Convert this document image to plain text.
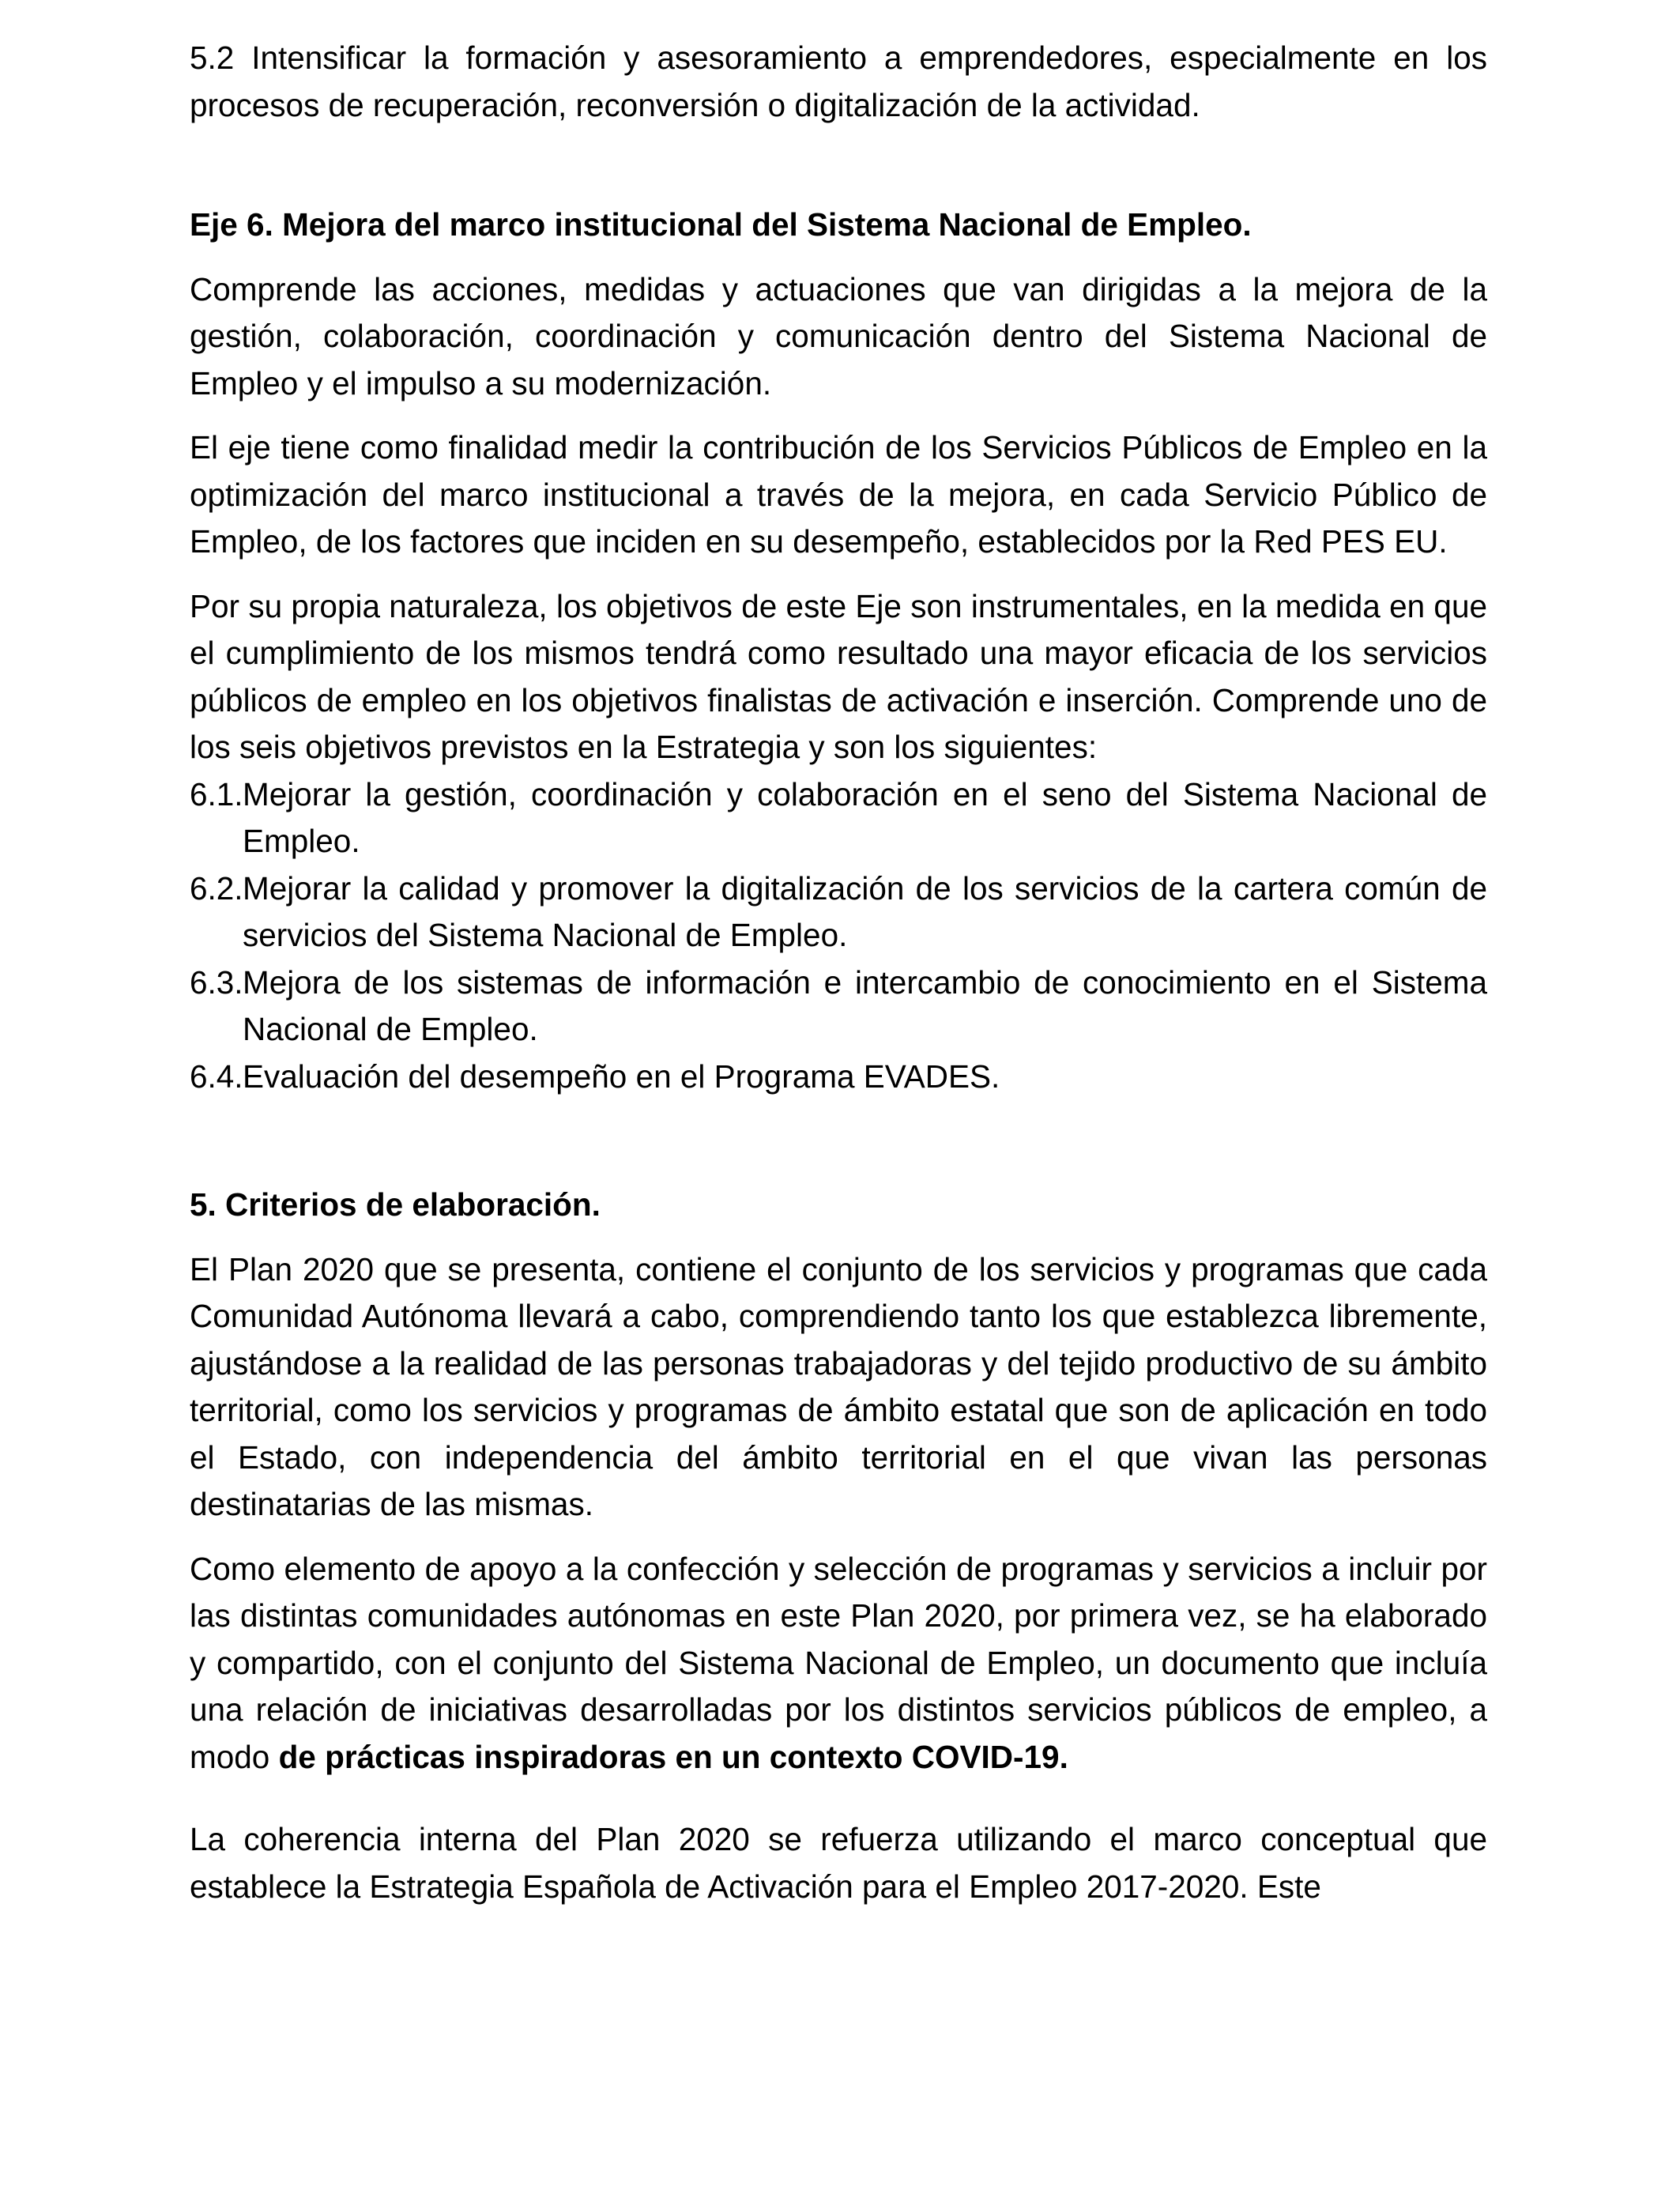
5.2 Intensificar la formación y asesoramiento a emprendedores, especialmente en los procesos de recuperación, reconversión o digitalización de la actividad.

Eje 6. Mejora del marco institucional del Sistema Nacional de Empleo.

Comprende las acciones, medidas y actuaciones que van dirigidas a la mejora de la gestión, colaboración, coordinación y comunicación dentro del Sistema Nacional de Empleo y el impulso a su modernización.

El eje tiene como finalidad medir la contribución de los Servicios Públicos de Empleo en la optimización del marco institucional a través de la mejora, en cada Servicio Público de Empleo, de los factores que inciden en su desempeño, establecidos por la Red PES EU.

Por su propia naturaleza, los objetivos de este Eje son instrumentales, en la medida en que el cumplimiento de los mismos tendrá como resultado una mayor eficacia de los servicios públicos de empleo en los objetivos finalistas de activación e inserción. Comprende uno de los seis objetivos previstos en la Estrategia y son los siguientes:

6.1. Mejorar la gestión, coordinación y colaboración en el seno del Sistema Nacional de Empleo.
6.2. Mejorar la calidad y promover la digitalización de los servicios de la cartera común de servicios del Sistema Nacional de Empleo.
6.3. Mejora de los sistemas de información e intercambio de conocimiento en el Sistema Nacional de Empleo.
6.4. Evaluación del desempeño en el Programa EVADES.

5. Criterios de elaboración.

El Plan 2020 que se presenta, contiene el conjunto de los servicios y programas que cada Comunidad Autónoma llevará a cabo, comprendiendo tanto los que establezca libremente, ajustándose a la realidad de las personas trabajadoras y del tejido productivo de su ámbito territorial, como los servicios y programas de ámbito estatal que son de aplicación en todo el Estado, con independencia del ámbito territorial en el que vivan las personas destinatarias de las mismas.

Como elemento de apoyo a la confección y selección de programas y servicios a incluir por las distintas comunidades autónomas en este Plan 2020, por primera vez, se ha elaborado y compartido, con el conjunto del Sistema Nacional de Empleo, un documento que incluía una relación de iniciativas desarrolladas por los distintos servicios públicos de empleo, a modo de prácticas inspiradoras en un contexto COVID-19.

La coherencia interna del Plan 2020 se refuerza utilizando el marco conceptual que establece la Estrategia Española de Activación para el Empleo 2017-2020. Este
